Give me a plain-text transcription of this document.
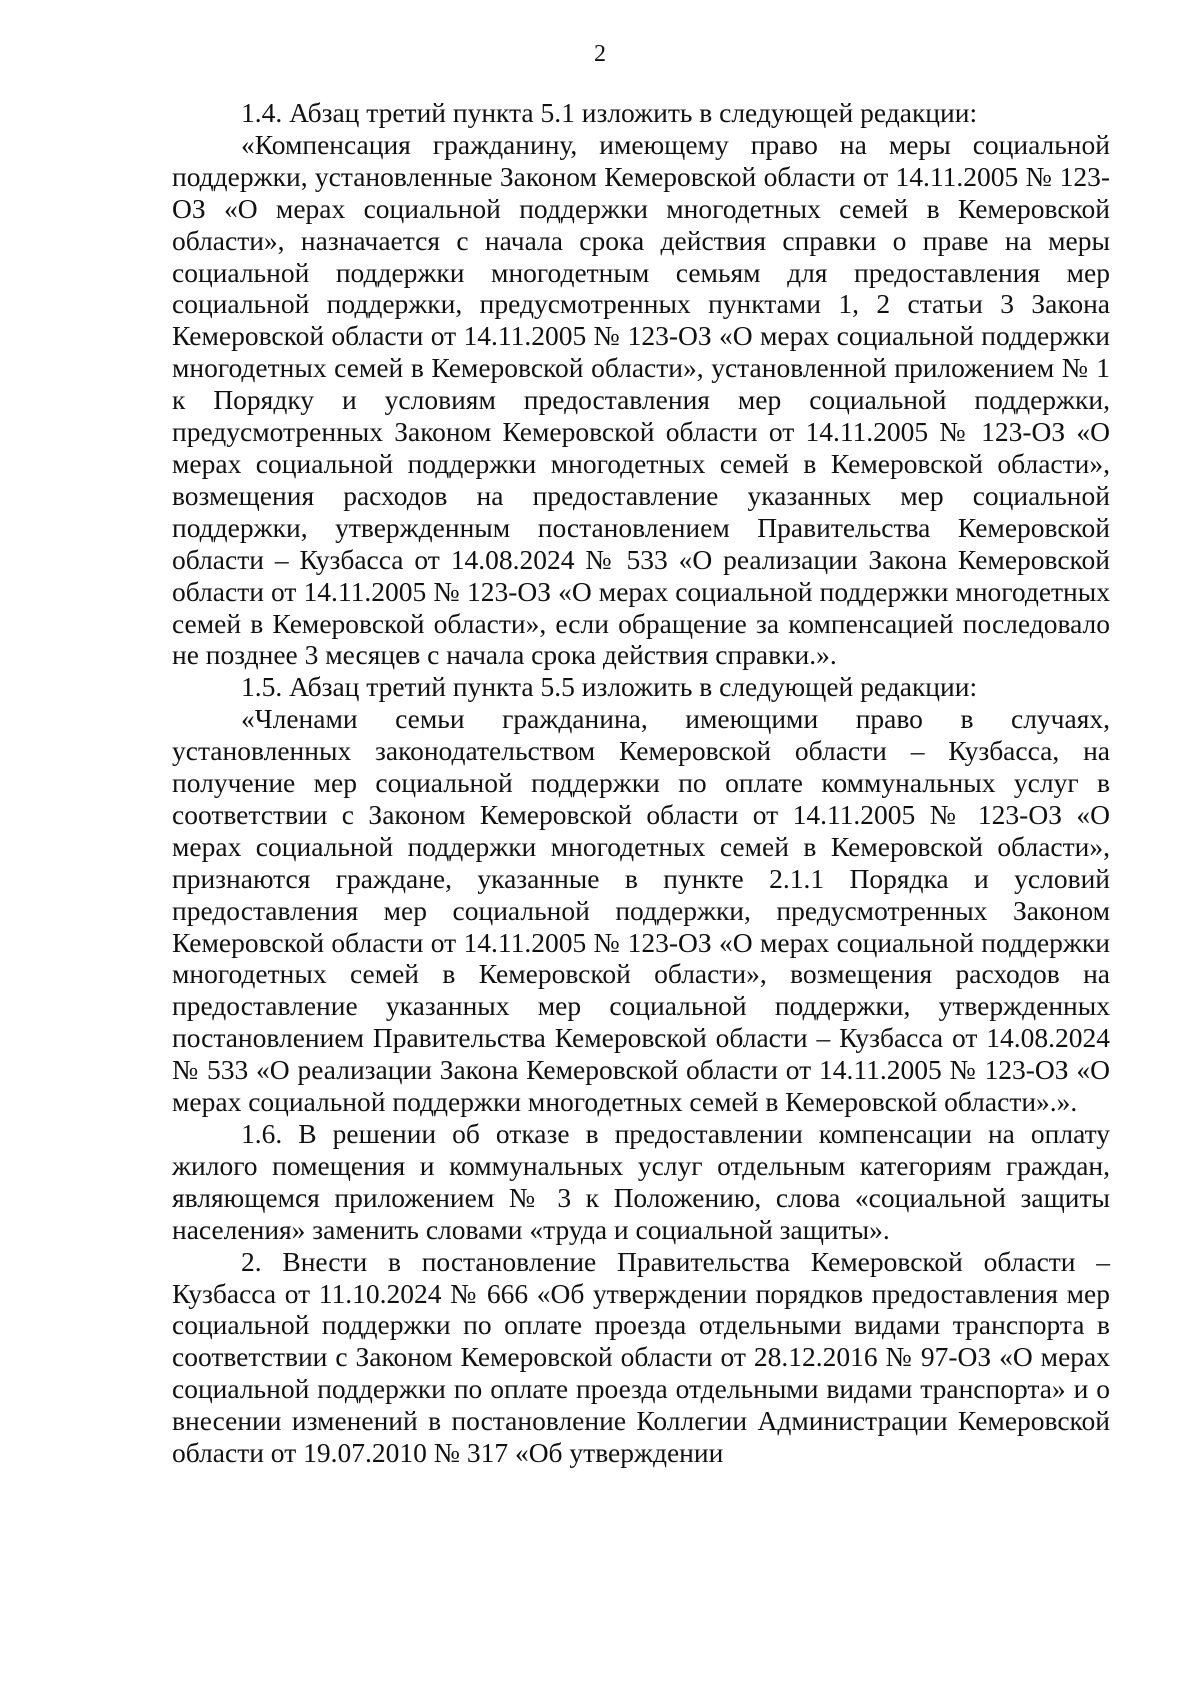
2

1.4. Абзац третий пункта 5.1 изложить в следующей редакции:

«Компенсация гражданину, имеющему право на меры социальной поддержки, установленные Законом Кемеровской области от 14.11.2005 № 123-ОЗ «О мерах социальной поддержки многодетных семей в Кемеровской области», назначается с начала срока действия справки о праве на меры социальной поддержки многодетным семьям для предоставления мер социальной поддержки, предусмотренных пунктами 1, 2 статьи 3 Закона Кемеровской области от 14.11.2005 № 123-ОЗ «О мерах социальной поддержки многодетных семей в Кемеровской области», установленной приложением № 1 к Порядку и условиям предоставления мер социальной поддержки, предусмотренных Законом Кемеровской области от 14.11.2005 № 123-ОЗ «О мерах социальной поддержки многодетных семей в Кемеровской области», возмещения расходов на предоставление указанных мер социальной поддержки, утвержденным постановлением Правительства Кемеровской области – Кузбасса от 14.08.2024 № 533 «О реализации Закона Кемеровской области от 14.11.2005 № 123-ОЗ «О мерах социальной поддержки многодетных семей в Кемеровской области», если обращение за компенсацией последовало не позднее 3 месяцев с начала срока действия справки.».

1.5. Абзац третий пункта 5.5 изложить в следующей редакции:

«Членами семьи гражданина, имеющими право в случаях, установленных законодательством Кемеровской области – Кузбасса, на получение мер социальной поддержки по оплате коммунальных услуг в соответствии с Законом Кемеровской области от 14.11.2005 № 123-ОЗ «О мерах социальной поддержки многодетных семей в Кемеровской области», признаются граждане, указанные в пункте 2.1.1 Порядка и условий предоставления мер социальной поддержки, предусмотренных Законом Кемеровской области от 14.11.2005 № 123-ОЗ «О мерах социальной поддержки многодетных семей в Кемеровской области», возмещения расходов на предоставление указанных мер социальной поддержки, утвержденных постановлением Правительства Кемеровской области – Кузбасса от 14.08.2024 № 533 «О реализации Закона Кемеровской области от 14.11.2005 № 123-ОЗ «О мерах социальной поддержки многодетных семей в Кемеровской области».».

1.6. В решении об отказе в предоставлении компенсации на оплату жилого помещения и коммунальных услуг отдельным категориям граждан, являющемся приложением № 3 к Положению, слова «социальной защиты населения» заменить словами «труда и социальной защиты».

2. Внести в постановление Правительства Кемеровской области – Кузбасса от 11.10.2024 № 666 «Об утверждении порядков предоставления мер социальной поддержки по оплате проезда отдельными видами транспорта в соответствии с Законом Кемеровской области от 28.12.2016 № 97-ОЗ «О мерах социальной поддержки по оплате проезда отдельными видами транспорта» и о внесении изменений в постановление Коллегии Администрации Кемеровской области от 19.07.2010 № 317 «Об утверждении
